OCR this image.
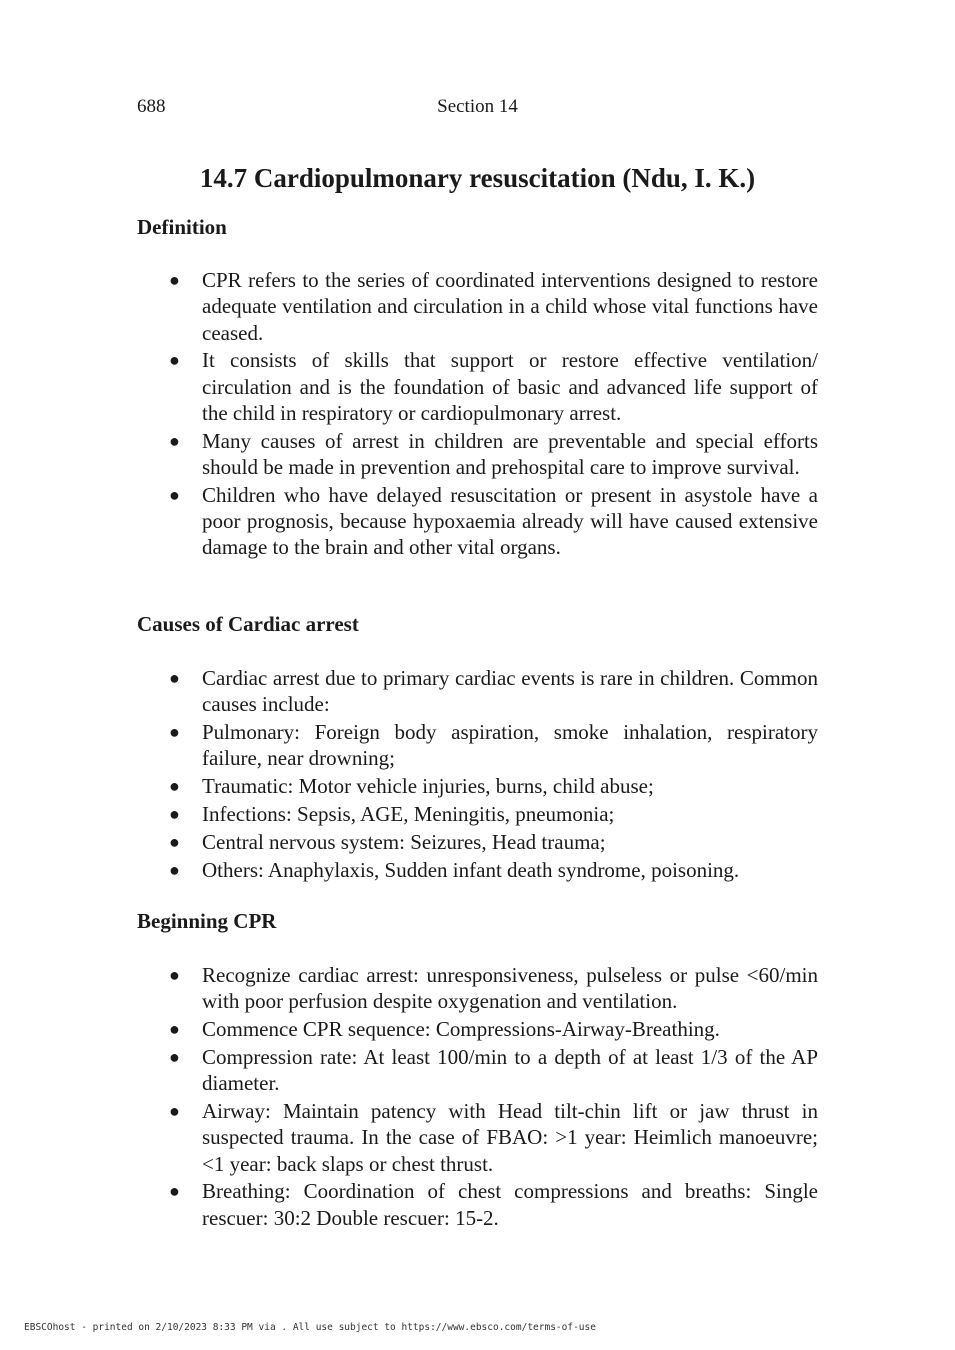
688	Section 14
14.7 Cardiopulmonary resuscitation (Ndu, I. K.)
Definition
● CPR refers to the series of coordinated interventions designed to restore adequate ventilation and circulation in a child whose vital functions have ceased.
● It consists of skills that support or restore effective ventilation/ circulation and is the foundation of basic and advanced life support of the child in respiratory or cardiopulmonary arrest.
● Many causes of arrest in children are preventable and special efforts should be made in prevention and prehospital care to improve survival.
● Children who have delayed resuscitation or present in asystole have a poor prognosis, because hypoxaemia already will have caused extensive damage to the brain and other vital organs.
Causes of Cardiac arrest
● Cardiac arrest due to primary cardiac events is rare in children. Common causes include:
● Pulmonary: Foreign body aspiration, smoke inhalation, respiratory failure, near drowning;
● Traumatic: Motor vehicle injuries, burns, child abuse;
● Infections: Sepsis, AGE, Meningitis, pneumonia;
● Central nervous system: Seizures, Head trauma;
● Others: Anaphylaxis, Sudden infant death syndrome, poisoning.
Beginning CPR
● Recognize cardiac arrest: unresponsiveness, pulseless or pulse <60/min with poor perfusion despite oxygenation and ventilation.
● Commence CPR sequence: Compressions-Airway-Breathing.
● Compression rate: At least 100/min to a depth of at least 1/3 of the AP diameter.
● Airway: Maintain patency with Head tilt-chin lift or jaw thrust in suspected trauma. In the case of FBAO: >1 year: Heimlich manoeuvre; <1 year: back slaps or chest thrust.
● Breathing: Coordination of chest compressions and breaths: Single rescuer: 30:2 Double rescuer: 15-2.
EBSCOhost - printed on 2/10/2023 8:33 PM via . All use subject to https://www.ebsco.com/terms-of-use
